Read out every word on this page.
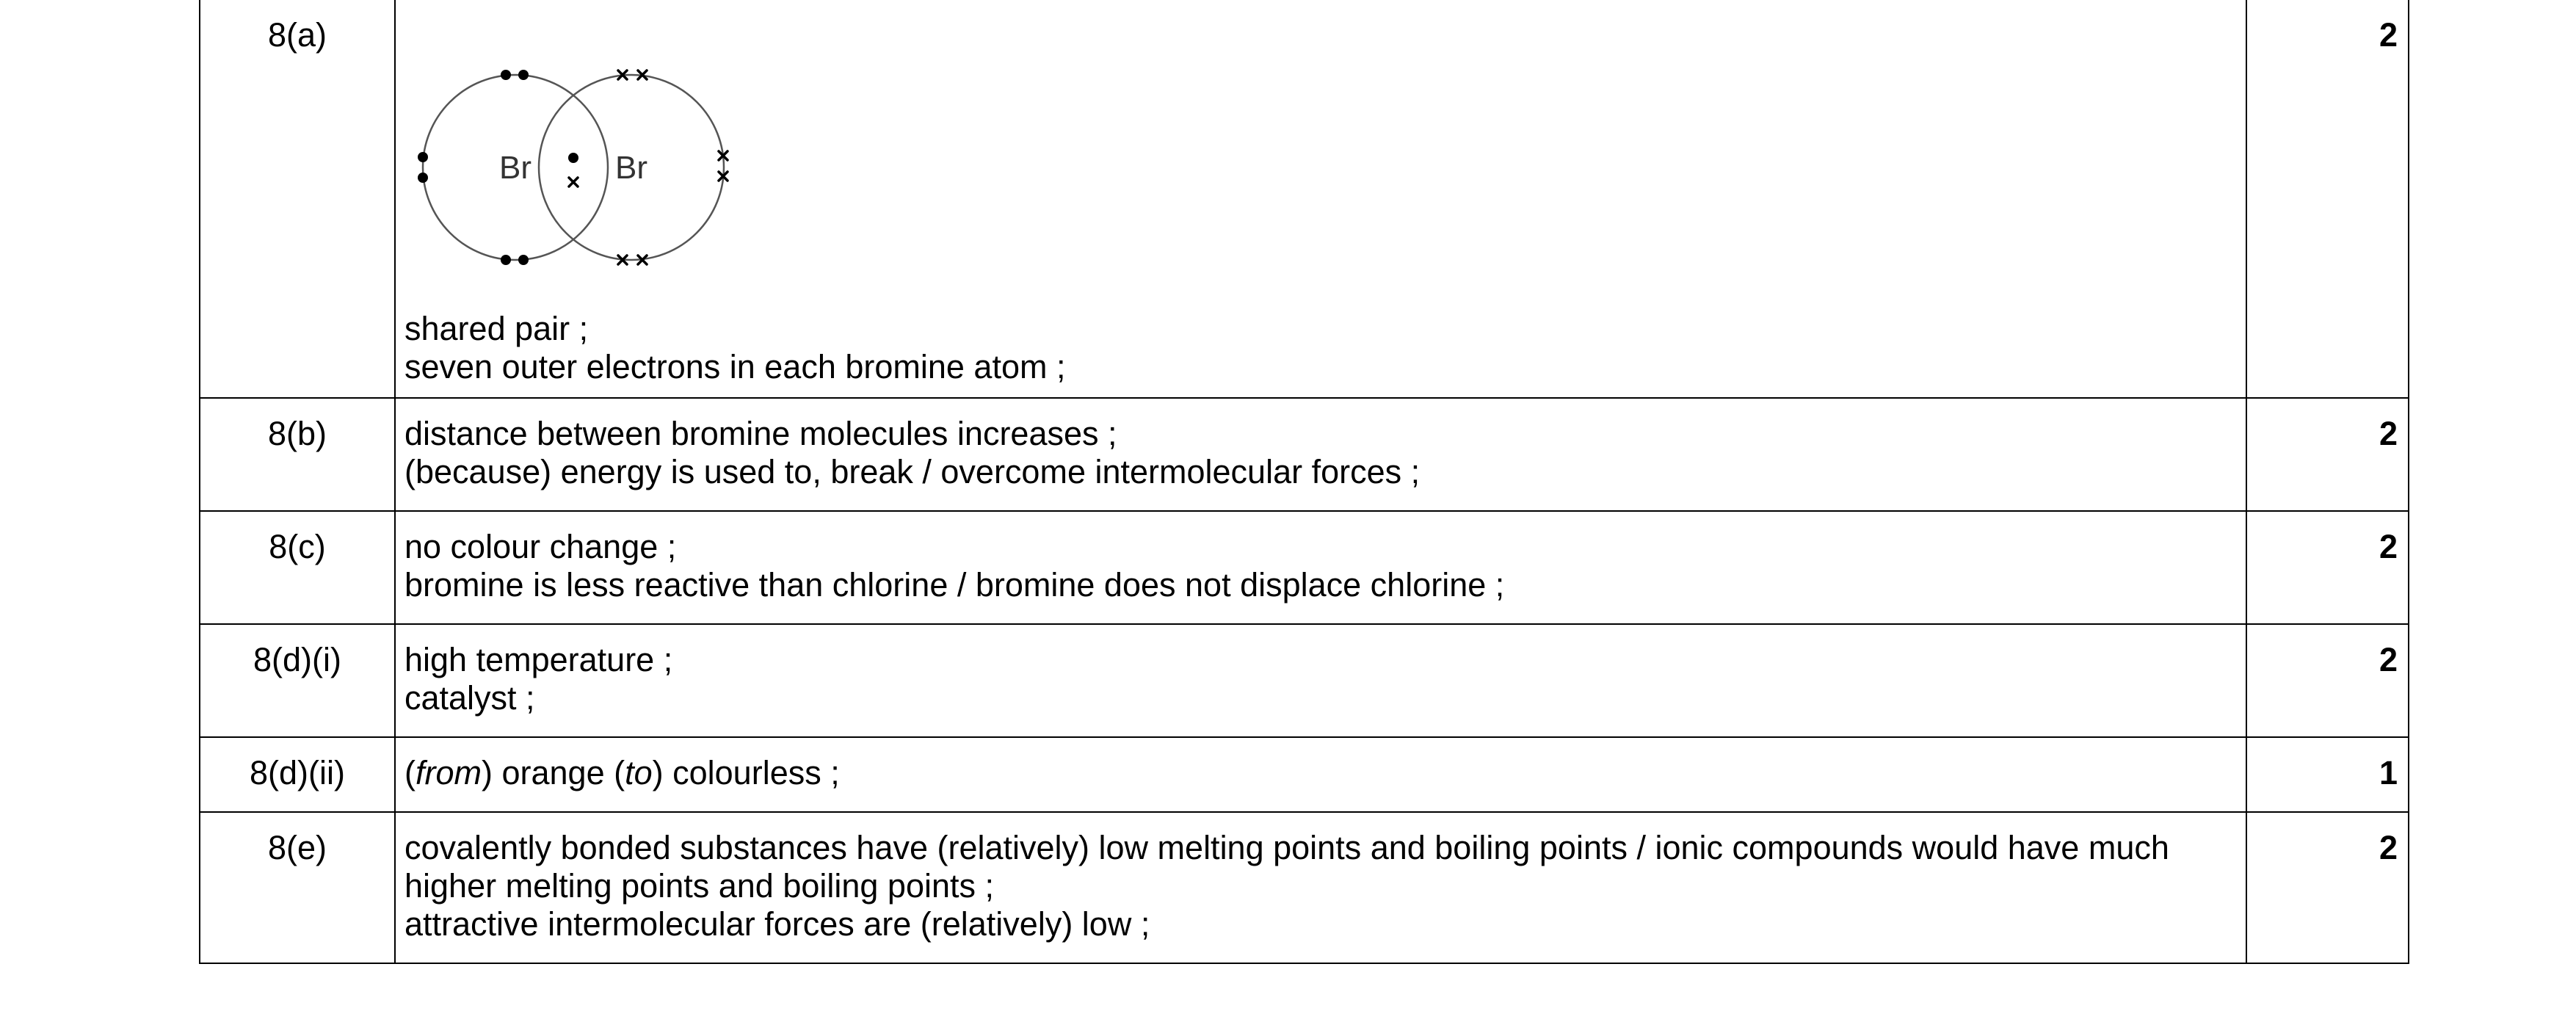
8(a)	Br Br
shared pair ;
seven outer electrons in each bromine atom ;	2
8(b)	distance between bromine molecules increases ;
(because) energy is used to, break / overcome intermolecular forces ;	2
8(c)	no colour change ;
bromine is less reactive than chlorine / bromine does not displace chlorine ;	2
8(d)(i)	high temperature ;
catalyst ;	2
8(d)(ii)	(from) orange (to) colourless ;	1
8(e)	covalently bonded substances have (relatively) low melting points and boiling points / ionic compounds would have much higher melting points and boiling points ;
attractive intermolecular forces are (relatively) low ;	2
